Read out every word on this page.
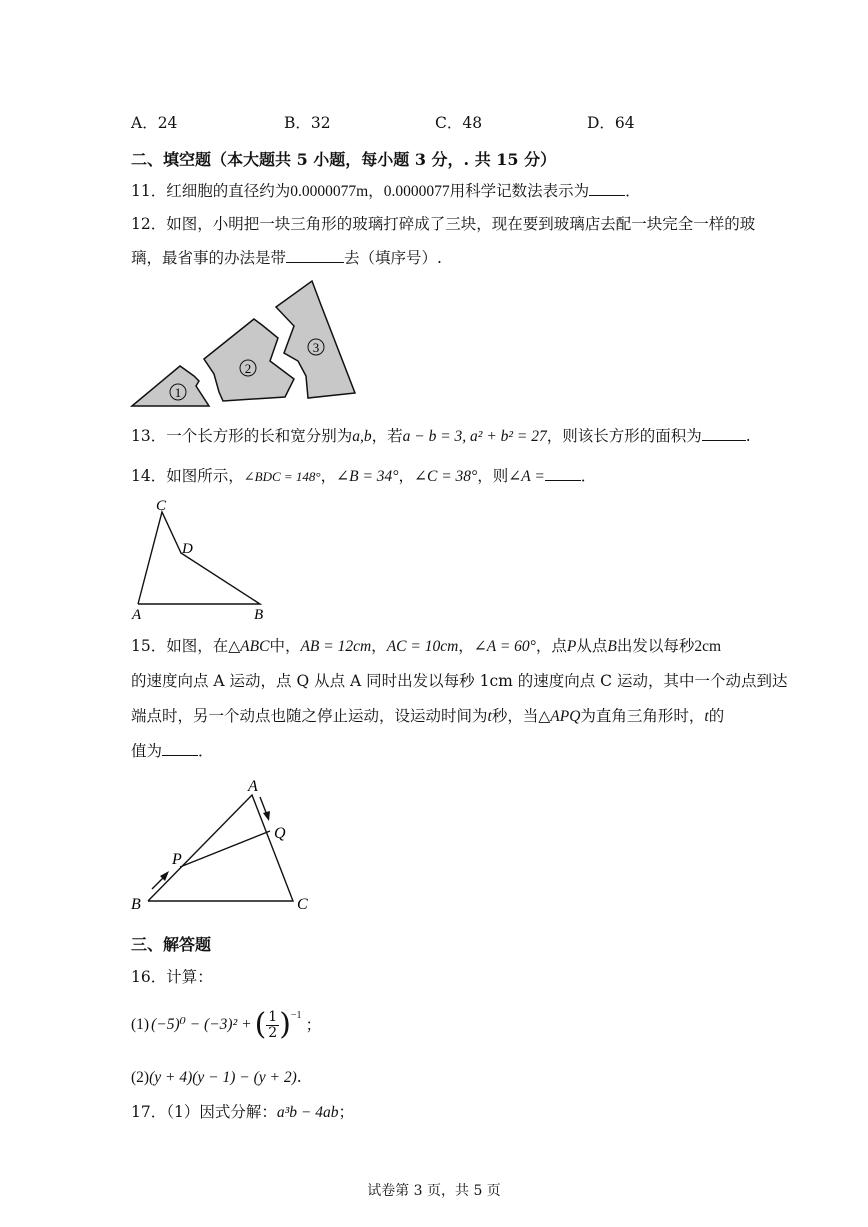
A．24	B．32	C．48	D．64
二、填空题（本大题共 5 小题，每小题 3 分，. 共 15 分）
11．红细胞的直径约为0.0000077m，0.0000077用科学记数法表示为 ．
12．如图，小明把一块三角形的玻璃打碎成了三块，现在要到玻璃店去配一块完全一样的玻
璃，最省事的办法是带	去（填序号）.
1
2
3
13．一个长方形的长和宽分别为a,b，若a − b = 3, a² + b² = 27，则该长方形的面积为	.
14．如图所示，∠BDC = 148°，∠B = 34°，∠C = 38°，则∠A = ．
C
D
A	B
15．如图，在△ABC中，AB = 12cm，AC = 10cm，∠A = 60°，点P从点B出发以每秒2cm
的速度向点 A 运动，点 Q 从点 A 同时出发以每秒 1cm 的速度向点 C 运动，其中一个动点到达
端点时，另一个动点也随之停止运动，设运动时间为t秒，当△APQ为直角三角形时，t的
值为 ．
A
Q
P
B	C
三、解答题
16．计算：
(1) (−5)⁰ − (−3)² + ( $\frac{1}{2}$ ) −1
；
(2)(y + 4)(y − 1) − (y + 2).
17．（1）因式分解：a³b − 4ab；
试卷第 3 页，共 5 页
